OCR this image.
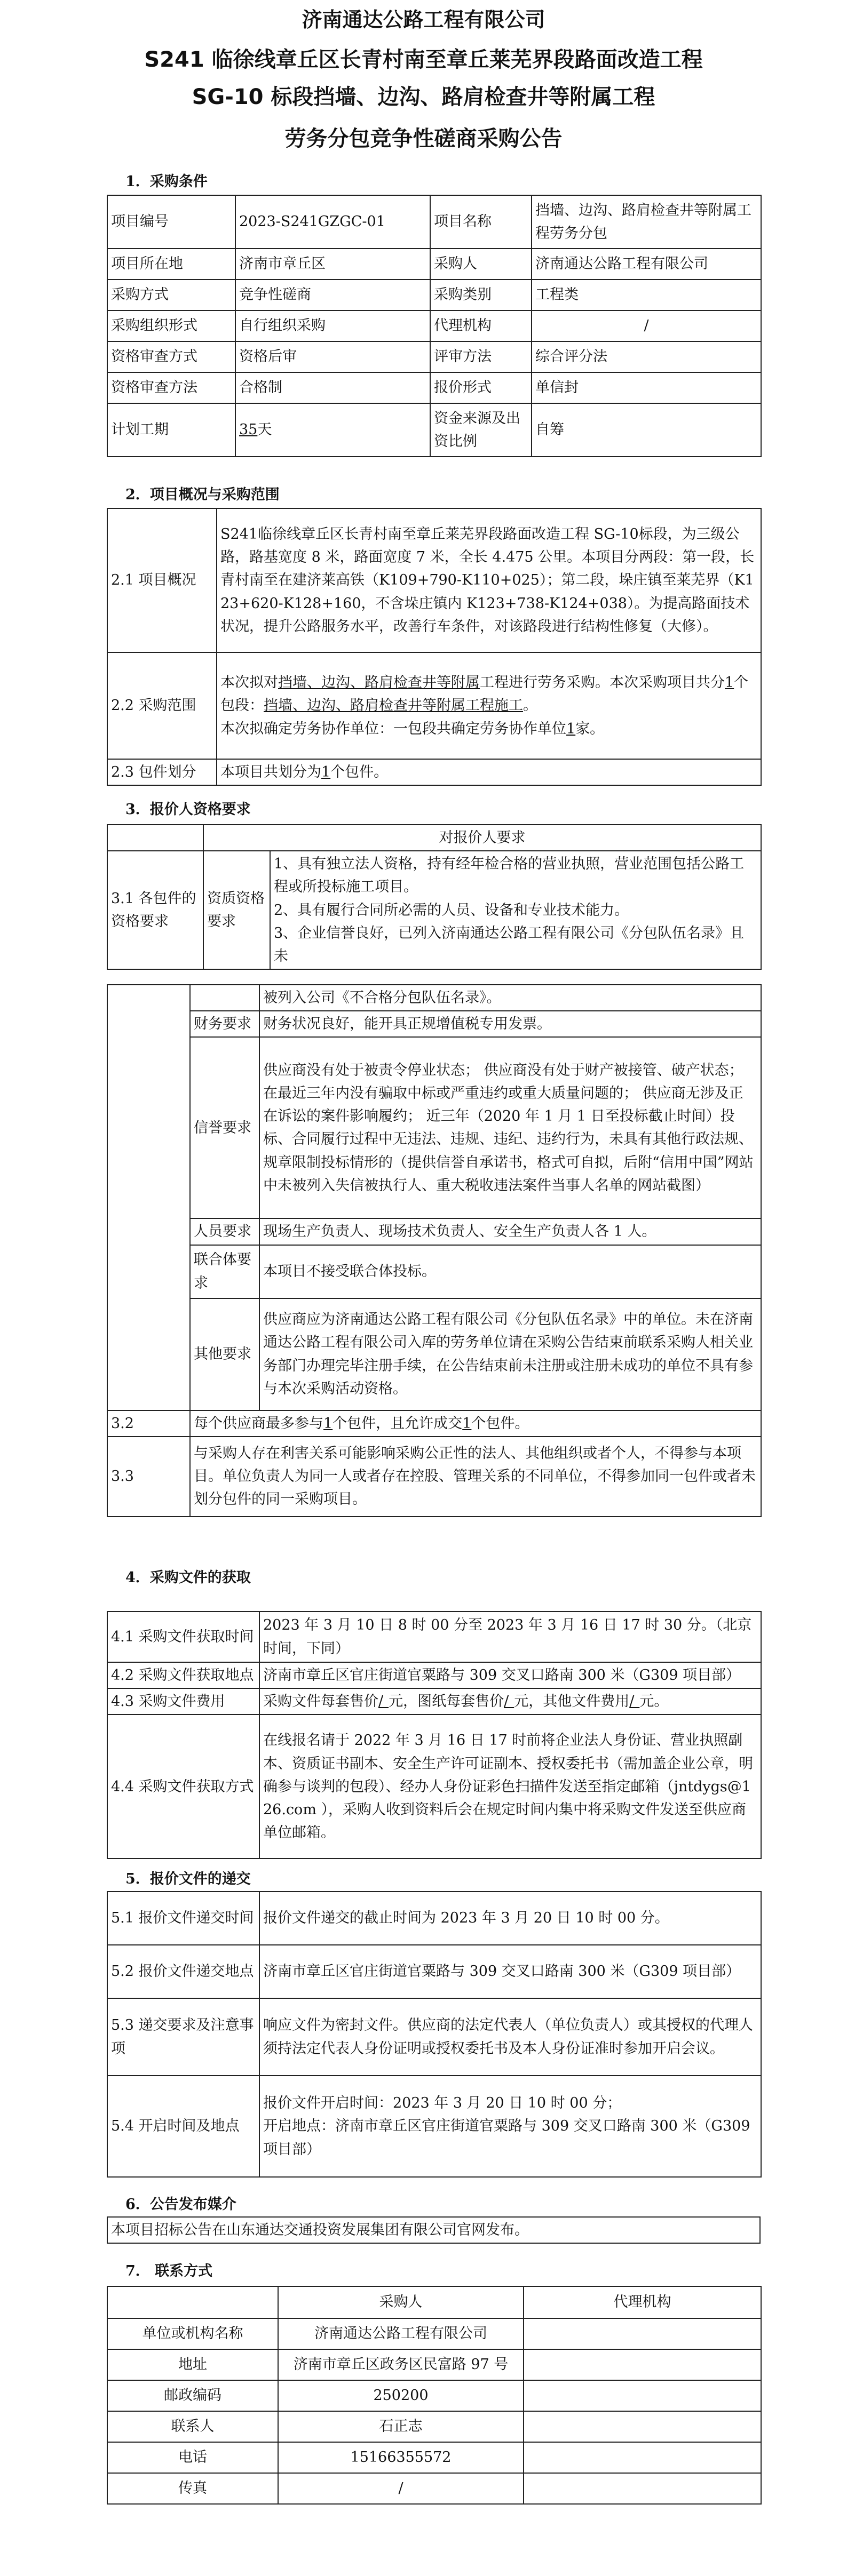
济南通达公路工程有限公司
S241 临徐线章丘区长青村南至章丘莱芜界段路面改造工程
SG-10 标段挡墙、边沟、路肩检查井等附属工程
劳务分包竞争性磋商采购公告
1．采购条件
项目编号	2023-S241GZGC-01	项目名称	挡墙、边沟、路肩检查井等附属工程劳务分包
项目所在地	济南市章丘区	采购人	济南通达公路工程有限公司
采购方式	竞争性磋商	采购类别	工程类
采购组织形式	自行组织采购	代理机构	/
资格审查方式	资格后审	评审方法	综合评分法
资格审查方法	合格制	报价形式	单信封
计划工期	35天	资金来源及出资比例	自筹
2．项目概况与采购范围
2.1 项目概况	S241临徐线章丘区长青村南至章丘莱芜界段路面改造工程 SG-10标段，为三级公路，路基宽度 8 米，路面宽度 7 米，全长 4.475 公里。本项目分两段：第一段，长青村南至在建济莱高铁（K109+790-K110+025）；第二段，垛庄镇至莱芜界（K123+620-K128+160，不含垛庄镇内 K123+738-K124+038）。为提高路面技术状况，提升公路服务水平，改善行车条件，对该路段进行结构性修复（大修）。
2.2 采购范围	本次拟对挡墙、边沟、路肩检查井等附属工程进行劳务采购。本次采购项目共分1个包段：挡墙、边沟、路肩检查井等附属工程施工。
本次拟确定劳务协作单位：一包段共确定劳务协作单位1家。
2.3 包件划分	本项目共划分为1个包件。
3．报价人资格要求
	对报价人要求	
3.1 各包件的资格要求	资质资格要求	1、具有独立法人资格，持有经年检合格的营业执照，营业范围包括公路工程或所投标施工项目。
2、具有履行合同所必需的人员、设备和专业技术能力。
3、企业信誉良好，已列入济南通达公路工程有限公司《分包队伍名录》且未
		被列入公司《不合格分包队伍名录》。
	财务要求	财务状况良好，能开具正规增值税专用发票。
	信誉要求	供应商没有处于被责令停业状态； 供应商没有处于财产被接管、破产状态；在最近三年内没有骗取中标或严重违约或重大质量问题的； 供应商无涉及正在诉讼的案件影响履约； 近三年（2020 年 1 月 1 日至投标截止时间）投标、合同履行过程中无违法、违规、违纪、违约行为，未具有其他行政法规、规章限制投标情形的（提供信誉自承诺书，格式可自拟，后附“信用中国”网站中未被列入失信被执行人、重大税收违法案件当事人名单的网站截图）
	人员要求	现场生产负责人、现场技术负责人、安全生产负责人各 1 人。
	联合体要求	本项目不接受联合体投标。
	其他要求	供应商应为济南通达公路工程有限公司《分包队伍名录》中的单位。未在济南通达公路工程有限公司入库的劳务单位请在采购公告结束前联系采购人相关业务部门办理完毕注册手续，在公告结束前未注册或注册未成功的单位不具有参与本次采购活动资格。
3.2	每个供应商最多参与1个包件，且允许成交1个包件。	
3.3	与采购人存在利害关系可能影响采购公正性的法人、其他组织或者个人，不得参与本项目。单位负责人为同一人或者存在控股、管理关系的不同单位，不得参加同一包件或者未划分包件的同一采购项目。	
4．采购文件的获取
4.1 采购文件获取时间	2023 年 3 月 10 日 8 时 00 分至 2023 年 3 月 16 日 17 时 30 分。（北京时间，下同）
4.2 采购文件获取地点	济南市章丘区官庄街道官粟路与 309 交叉口路南 300 米（G309 项目部）
4.3 采购文件费用	采购文件每套售价/元，图纸每套售价/元，其他文件费用/元。
4.4 采购文件获取方式	在线报名请于 2022 年 3 月 16 日 17 时前将企业法人身份证、营业执照副本、资质证书副本、安全生产许可证副本、授权委托书（需加盖企业公章，明确参与谈判的包段）、经办人身份证彩色扫描件发送至指定邮箱（jntdygs@126.com ），采购人收到资料后会在规定时间内集中将采购文件发送至供应商单位邮箱。
5．报价文件的递交
5.1 报价文件递交时间	报价文件递交的截止时间为 2023 年 3 月 20 日 10 时 00 分。
5.2 报价文件递交地点	济南市章丘区官庄街道官粟路与 309 交叉口路南 300 米（G309 项目部）
5.3 递交要求及注意事项	响应文件为密封文件。供应商的法定代表人（单位负责人）或其授权的代理人须持法定代表人身份证明或授权委托书及本人身份证准时参加开启会议。
5.4 开启时间及地点	报价文件开启时间：2023 年 3 月 20 日 10 时 00 分；
开启地点：济南市章丘区官庄街道官粟路与 309 交叉口路南 300 米（G309 项目部）
6．公告发布媒介
本项目招标公告在山东通达交通投资发展集团有限公司官网发布。
7． 联系方式
	采购人	代理机构
单位或机构名称	济南通达公路工程有限公司	
地址	济南市章丘区政务区民富路 97 号	
邮政编码	250200	
联系人	石正志	
电话	15166355572	
传真	/	
